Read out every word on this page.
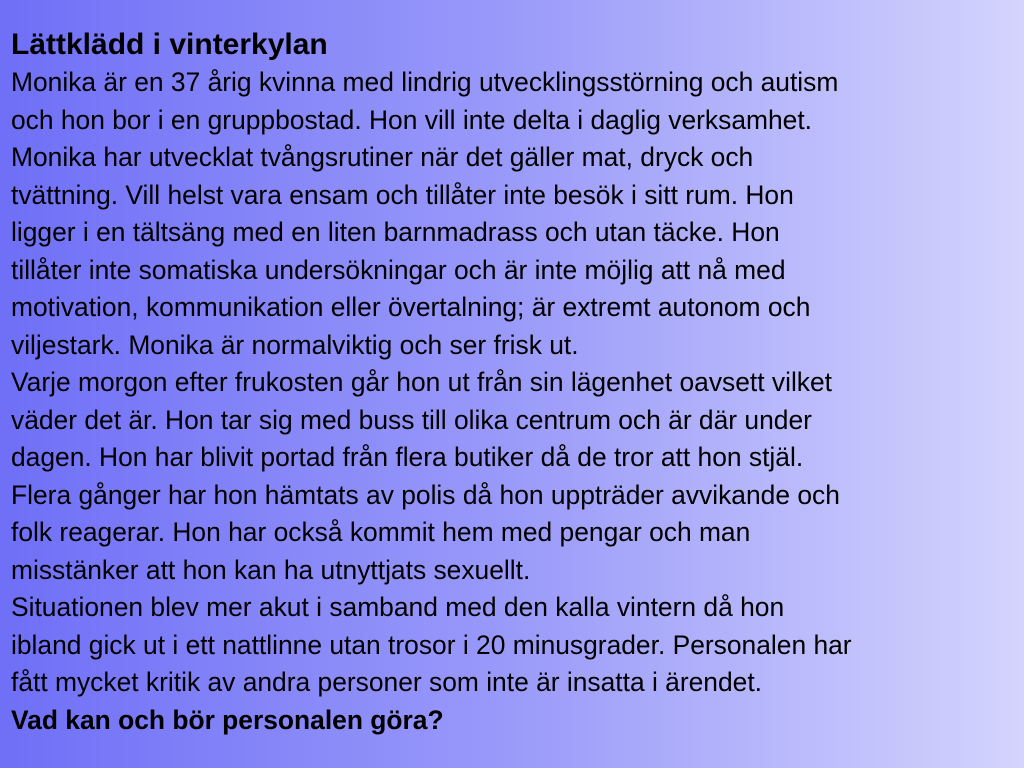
Lättklädd i vinterkylan

Monika är en 37 årig kvinna med lindrig utvecklingsstörning och autism
och hon bor i en gruppbostad. Hon vill inte delta i daglig verksamhet.
Monika har utvecklat tvångsrutiner när det gäller mat, dryck och
tvättning. Vill helst vara ensam och tillåter inte besök i sitt rum. Hon
ligger i en tältsäng med en liten barnmadrass och utan täcke. Hon
tillåter inte somatiska undersökningar och är inte möjlig att nå med
motivation, kommunikation eller övertalning; är extremt autonom och
viljestark. Monika är normalviktig och ser frisk ut.

Varje morgon efter frukosten går hon ut från sin lägenhet oavsett vilket
väder det är. Hon tar sig med buss till olika centrum och är där under
dagen. Hon har blivit portad från flera butiker då de tror att hon stjäl.
Flera gånger har hon hämtats av polis då hon uppträder avvikande och
folk reagerar. Hon har också kommit hem med pengar och man
misstänker att hon kan ha utnyttjats sexuellt.

Situationen blev mer akut i samband med den kalla vintern då hon
ibland gick ut i ett nattlinne utan trosor i 20 minusgrader. Personalen har
fått mycket kritik av andra personer som inte är insatta i ärendet.

Vad kan och bör personalen göra?
